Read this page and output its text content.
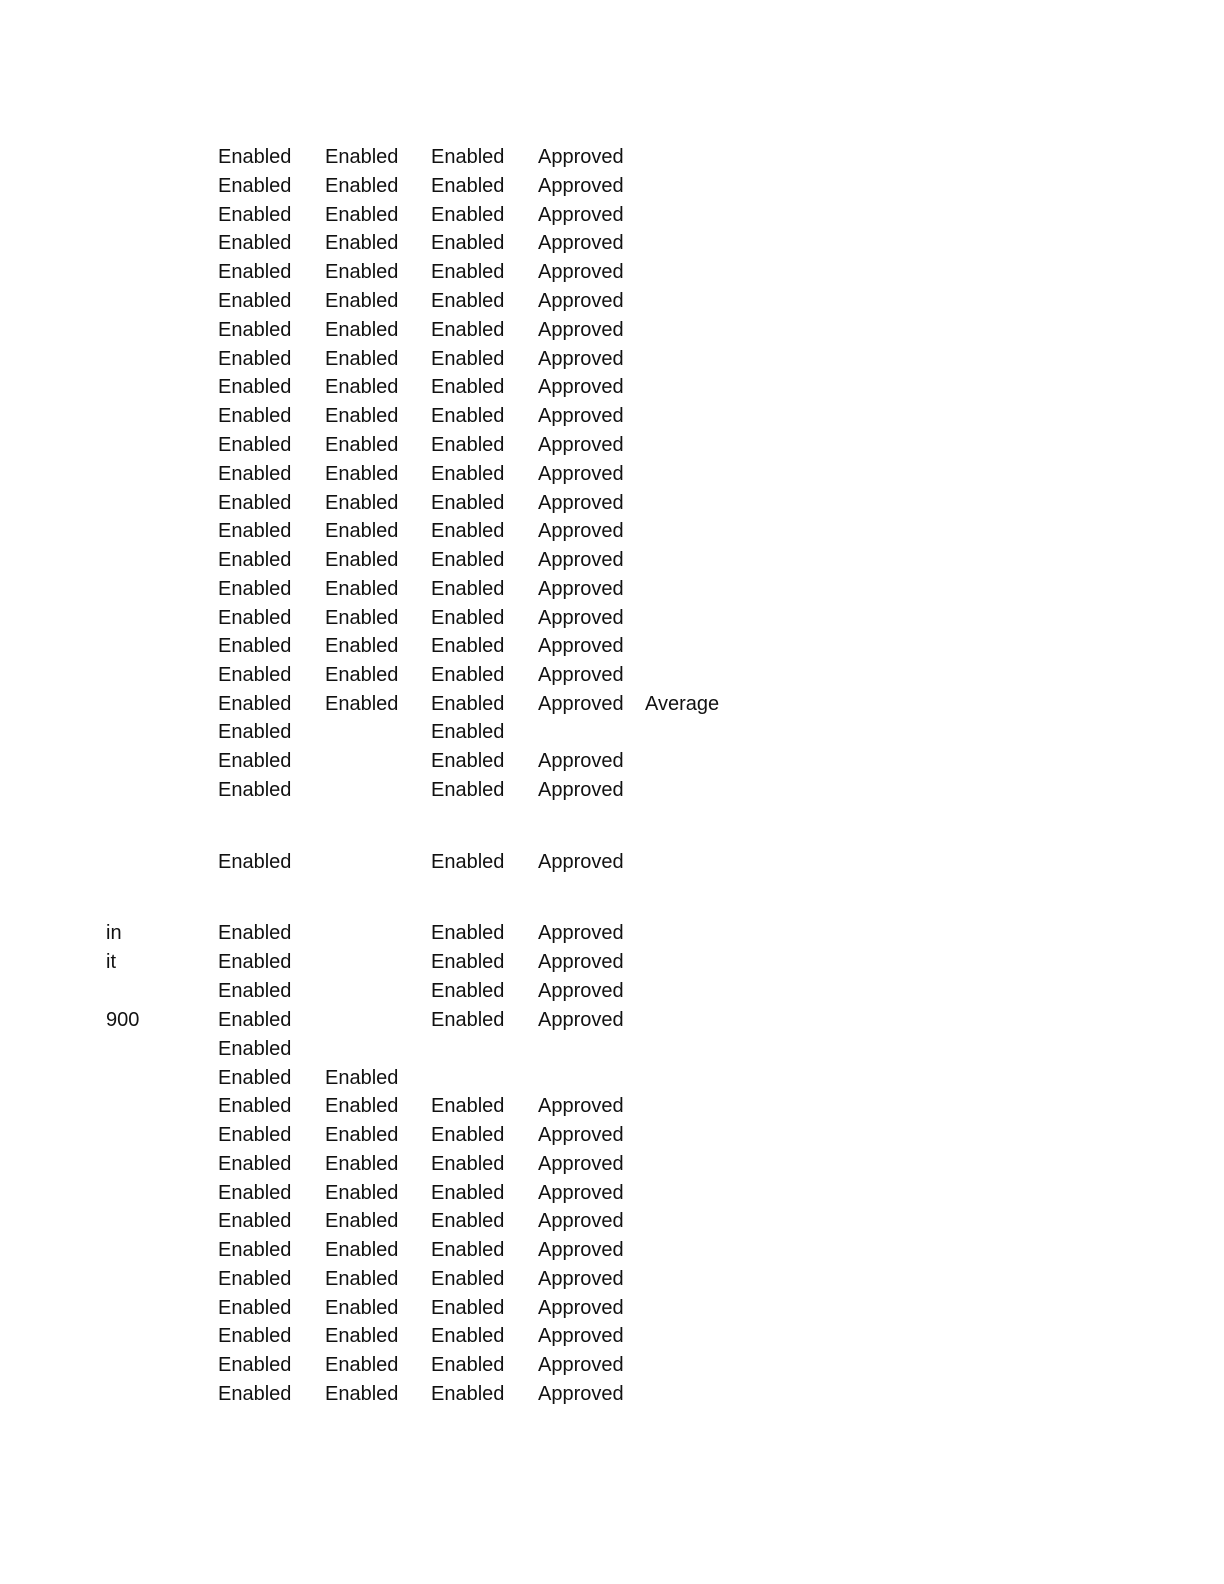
Enabled Enabled Enabled Approved
Enabled Enabled Enabled Approved
Enabled Enabled Enabled Approved
Enabled Enabled Enabled Approved
Enabled Enabled Enabled Approved
Enabled Enabled Enabled Approved
Enabled Enabled Enabled Approved
Enabled Enabled Enabled Approved
Enabled Enabled Enabled Approved
Enabled Enabled Enabled Approved
Enabled Enabled Enabled Approved
Enabled Enabled Enabled Approved
Enabled Enabled Enabled Approved
Enabled Enabled Enabled Approved
Enabled Enabled Enabled Approved
Enabled Enabled Enabled Approved
Enabled Enabled Enabled Approved
Enabled Enabled Enabled Approved
Enabled Enabled Enabled Approved
Enabled Enabled Enabled Approved Average
Enabled	Enabled
Enabled	Enabled Approved
Enabled	Enabled Approved
Enabled	Enabled Approved
in	Enabled	Enabled Approved
it	Enabled	Enabled Approved
Enabled	Enabled Approved
900	Enabled	Enabled Approved
Enabled
Enabled Enabled
Enabled Enabled Enabled Approved
Enabled Enabled Enabled Approved
Enabled Enabled Enabled Approved
Enabled Enabled Enabled Approved
Enabled Enabled Enabled Approved
Enabled Enabled Enabled Approved
Enabled Enabled Enabled Approved
Enabled Enabled Enabled Approved
Enabled Enabled Enabled Approved
Enabled Enabled Enabled Approved
Enabled Enabled Enabled Approved
